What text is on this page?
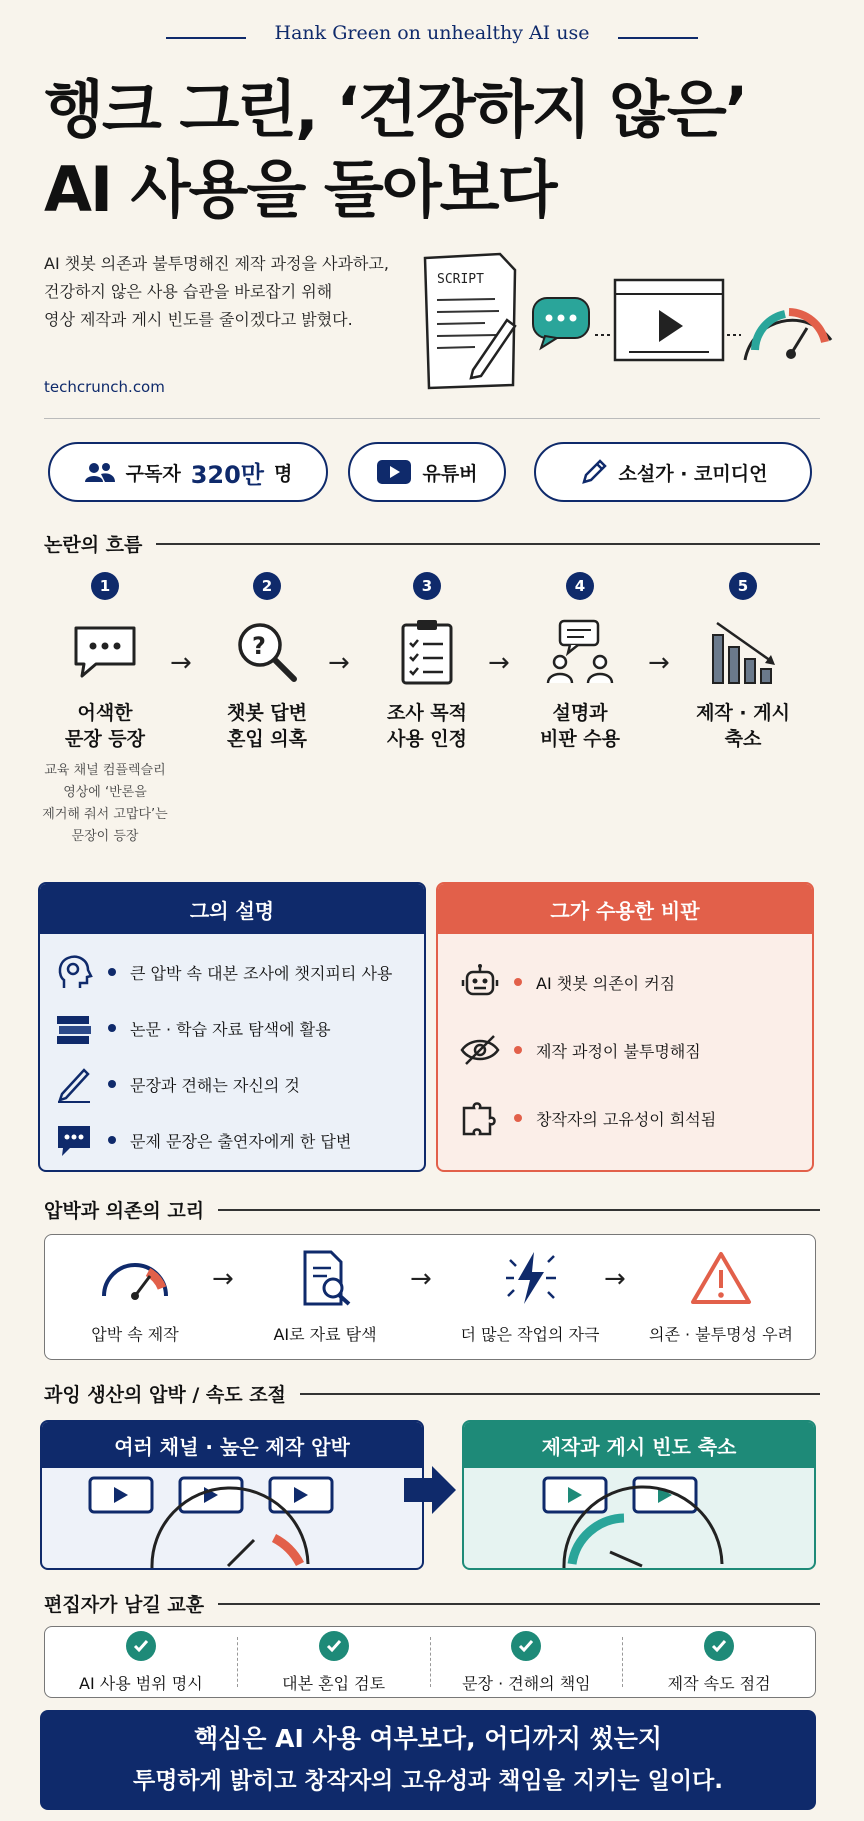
Hank Green on unhealthy AI use
행크 그린, ‘건강하지 않은’
AI 사용을 돌아보다
AI 챗봇 의존과 불투명해진 제작 과정을 사과하고,
건강하지 않은 사용 습관을 바로잡기 위해
영상 제작과 게시 빈도를 줄이겠다고 밝혔다.
techcrunch.com
SCRIPT
구독자 320만 명	유튜버	소설가 · 코미디언
논란의 흐름
1
어색한
문장 등장
교육 채널 컴플렉슬리
영상에 ‘반론을
제거해 줘서 고맙다’는
문장이 등장
→
2
?
챗봇 답변
혼입 의혹
→
3
조사 목적
사용 인정
→
4
설명과
비판 수용
→
5
제작 · 게시
축소
그의 설명
큰 압박 속 대본 조사에 챗지피티 사용
논문 · 학습 자료 탐색에 활용
문장과 견해는 자신의 것
문제 문장은 출연자에게 한 답변
그가 수용한 비판
AI 챗봇 의존이 커짐
제작 과정이 불투명해짐
창작자의 고유성이 희석됨
압박과 의존의 고리
압박 속 제작
→
AI로 자료 탐색
→
더 많은 작업의 자극
→
의존 · 불투명성 우려
과잉 생산의 압박 / 속도 조절
여러 채널 · 높은 제작 압박	제작과 게시 빈도 축소
편집자가 남길 교훈
AI 사용 범위 명시	대본 혼입 검토	문장 · 견해의 책임	제작 속도 점검
핵심은 AI 사용 여부보다, 어디까지 썼는지
투명하게 밝히고 창작자의 고유성과 책임을 지키는 일이다.
